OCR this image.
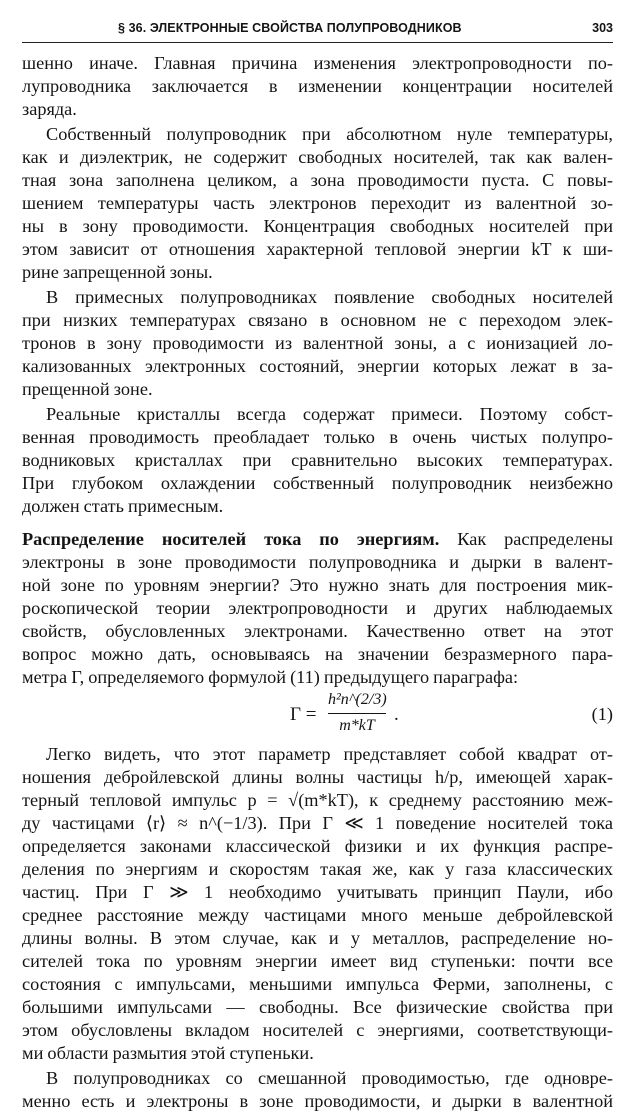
§ 36. ЭЛЕКТРОННЫЕ СВОЙСТВА ПОЛУПРОВОДНИКОВ	303
шенно иначе. Главная причина изменения электропроводности по-
лупроводника заключается в изменении концентрации носителей
заряда.
Собственный полупроводник при абсолютном нуле температуры,
как и диэлектрик, не содержит свободных носителей, так как вален-
тная зона заполнена целиком, а зона проводимости пуста. С повы-
шением температуры часть электронов переходит из валентной зо-
ны в зону проводимости. Концентрация свободных носителей при
этом зависит от отношения характерной тепловой энергии kT к ши-
рине запрещенной зоны.
В примесных полупроводниках появление свободных носителей
при низких температурах связано в основном не с переходом элек-
тронов в зону проводимости из валентной зоны, а с ионизацией ло-
кализованных электронных состояний, энергии которых лежат в за-
прещенной зоне.
Реальные кристаллы всегда содержат примеси. Поэтому собст-
венная проводимость преобладает только в очень чистых полупро-
водниковых кристаллах при сравнительно высоких температурах.
При глубоком охлаждении собственный полупроводник неизбежно
должен стать примесным.
Распределение носителей тока по энергиям. Как распределены
электроны в зоне проводимости полупроводника и дырки в валент-
ной зоне по уровням энергии? Это нужно знать для построения мик-
роскопической теории электропроводности и других наблюдаемых
свойств, обусловленных электронами. Качественно ответ на этот
вопрос можно дать, основываясь на значении безразмерного пара-
метра Γ, определяемого формулой (11) предыдущего параграфа:
Γ =
h²n^(2/3)
m*kT
.	(1)
Легко видеть, что этот параметр представляет собой квадрат от-
ношения дебройлевской длины волны частицы h/p, имеющей харак-
терный тепловой импульс p = √(m*kT), к среднему расстоянию меж-
ду частицами ⟨r⟩ ≈ n^(−1/3). При Γ ≪ 1 поведение носителей тока
определяется законами классической физики и их функция распре-
деления по энергиям и скоростям такая же, как у газа классических
частиц. При Γ ≫ 1 необходимо учитывать принцип Паули, ибо
среднее расстояние между частицами много меньше дебройлевской
длины волны. В этом случае, как и у металлов, распределение но-
сителей тока по уровням энергии имеет вид ступеньки: почти все
состояния с импульсами, меньшими импульса Ферми, заполнены, с
большими импульсами — свободны. Все физические свойства при
этом обусловлены вкладом носителей с энергиями, соответствующи-
ми области размытия этой ступеньки.
В полупроводниках со смешанной проводимостью, где одновре-
менно есть и электроны в зоне проводимости, и дырки в валентной
